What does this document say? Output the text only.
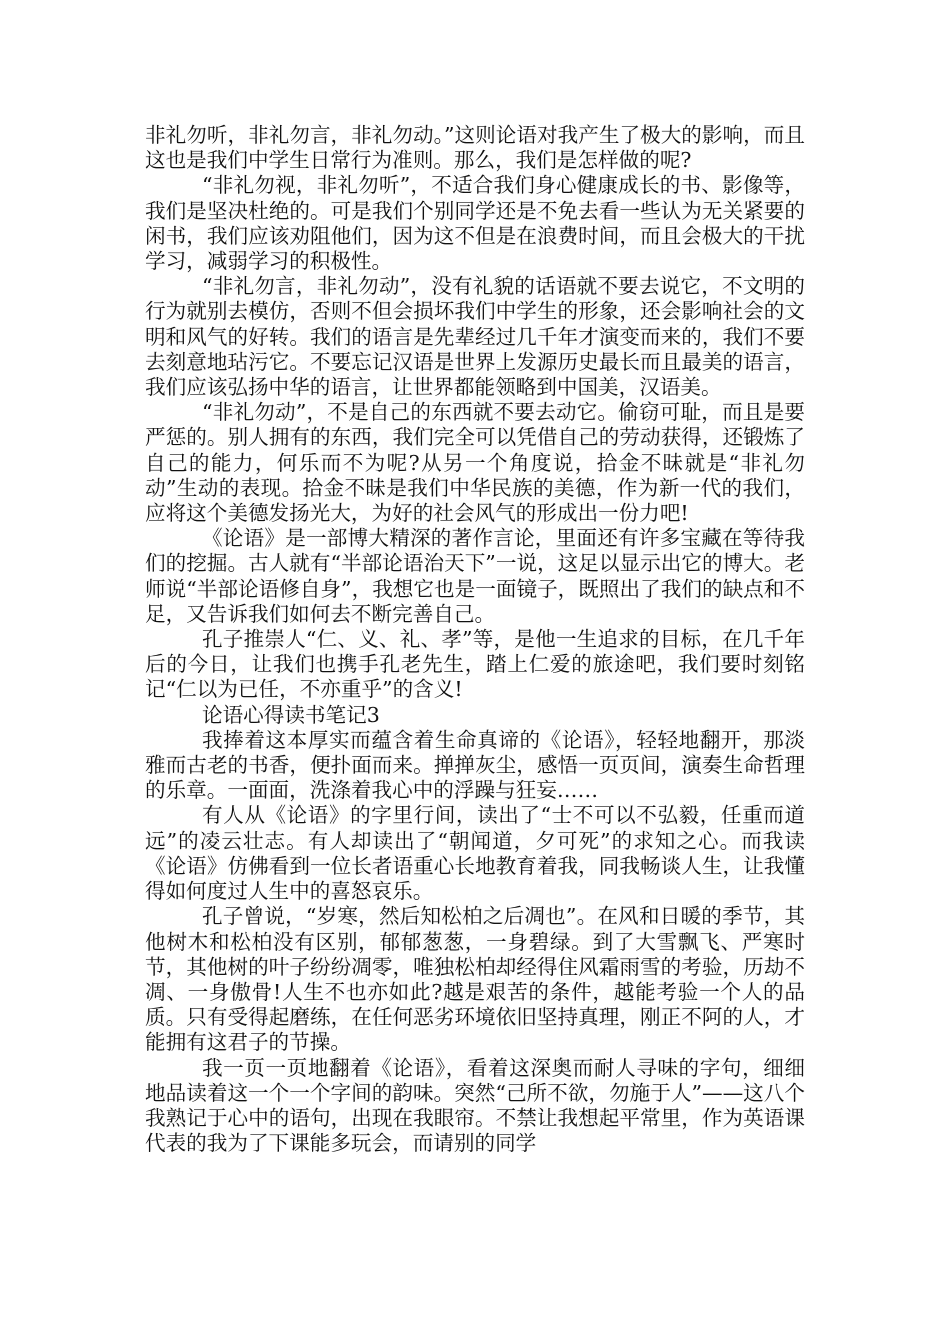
非礼勿听，非礼勿言，非礼勿动。”这则论语对我产生了极大的影响，而且这也是我们中学生日常行为准则。那么，我们是怎样做的呢?

“非礼勿视，非礼勿听”，不适合我们身心健康成长的书、影像等，我们是坚决杜绝的。可是我们个别同学还是不免去看一些认为无关紧要的闲书，我们应该劝阻他们，因为这不但是在浪费时间，而且会极大的干扰学习，减弱学习的积极性。

“非礼勿言，非礼勿动”，没有礼貌的话语就不要去说它，不文明的行为就别去模仿，否则不但会损坏我们中学生的形象，还会影响社会的文明和风气的好转。我们的语言是先辈经过几千年才演变而来的，我们不要去刻意地玷污它。不要忘记汉语是世界上发源历史最长而且最美的语言，我们应该弘扬中华的语言，让世界都能领略到中国美，汉语美。

“非礼勿动”，不是自己的东西就不要去动它。偷窃可耻，而且是要严惩的。别人拥有的东西，我们完全可以凭借自己的劳动获得，还锻炼了自己的能力，何乐而不为呢?从另一个角度说，拾金不昧就是“非礼勿动”生动的表现。拾金不昧是我们中华民族的美德，作为新一代的我们，应将这个美德发扬光大，为好的社会风气的形成出一份力吧!

《论语》是一部博大精深的著作言论，里面还有许多宝藏在等待我们的挖掘。古人就有“半部论语治天下”一说，这足以显示出它的博大。老师说“半部论语修自身”，我想它也是一面镜子，既照出了我们的缺点和不足，又告诉我们如何去不断完善自己。

孔子推崇人“仁、义、礼、孝”等，是他一生追求的目标，在几千年后的今日，让我们也携手孔老先生，踏上仁爱的旅途吧，我们要时刻铭记“仁以为已任，不亦重乎”的含义!

论语心得读书笔记3

我捧着这本厚实而蕴含着生命真谛的《论语》，轻轻地翻开，那淡雅而古老的书香，便扑面而来。掸掸灰尘，感悟一页页间，演奏生命哲理的乐章。一面面，洗涤着我心中的浮躁与狂妄……

有人从《论语》的字里行间，读出了“士不可以不弘毅，任重而道远”的凌云壮志。有人却读出了“朝闻道，夕可死”的求知之心。而我读《论语》仿佛看到一位长者语重心长地教育着我，同我畅谈人生，让我懂得如何度过人生中的喜怒哀乐。

孔子曾说，“岁寒，然后知松柏之后凋也”。在风和日暖的季节，其他树木和松柏没有区别，郁郁葱葱，一身碧绿。到了大雪飘飞、严寒时节，其他树的叶子纷纷凋零，唯独松柏却经得住风霜雨雪的考验，历劫不凋、一身傲骨!人生不也亦如此?越是艰苦的条件，越能考验一个人的品质。只有受得起磨练，在任何恶劣环境依旧坚持真理，刚正不阿的人，才能拥有这君子的节操。

我一页一页地翻着《论语》，看着这深奥而耐人寻味的字句，细细地品读着这一个一个字间的韵味。突然“己所不欲，勿施于人”——这八个我熟记于心中的语句，出现在我眼帘。不禁让我想起平常里，作为英语课代表的我为了下课能多玩会，而请别的同学
